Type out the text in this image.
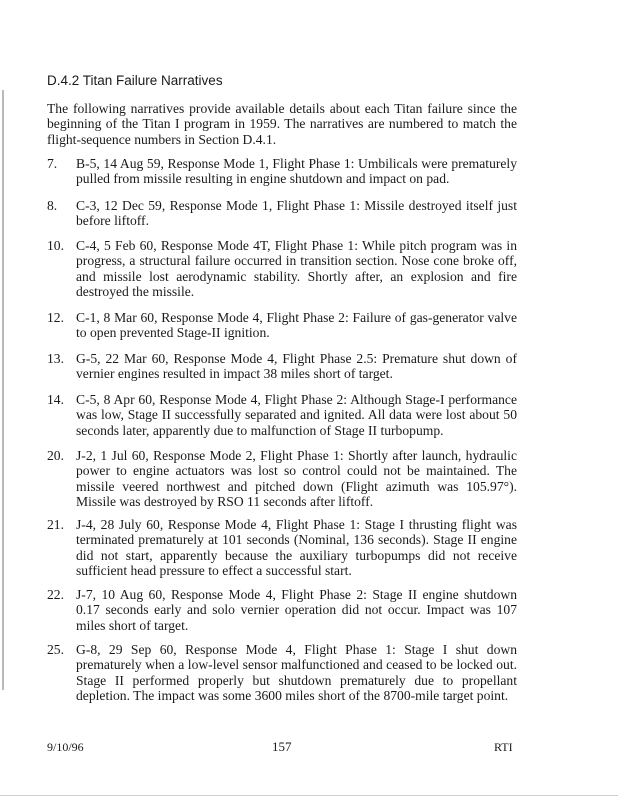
D.4.2 Titan Failure Narratives
The following narratives provide available details about each Titan failure since the beginning of the Titan I program in 1959. The narratives are numbered to match the flight-sequence numbers in Section D.4.1.
7. B-5, 14 Aug 59, Response Mode 1, Flight Phase 1: Umbilicals were prematurely pulled from missile resulting in engine shutdown and impact on pad.
8. C-3, 12 Dec 59, Response Mode 1, Flight Phase 1: Missile destroyed itself just before liftoff.
10. C-4, 5 Feb 60, Response Mode 4T, Flight Phase 1: While pitch program was in progress, a structural failure occurred in transition section. Nose cone broke off, and missile lost aerodynamic stability. Shortly after, an explosion and fire destroyed the missile.
12. C-1, 8 Mar 60, Response Mode 4, Flight Phase 2: Failure of gas-generator valve to open prevented Stage-II ignition.
13. G-5, 22 Mar 60, Response Mode 4, Flight Phase 2.5: Premature shut down of vernier engines resulted in impact 38 miles short of target.
14. C-5, 8 Apr 60, Response Mode 4, Flight Phase 2: Although Stage-I performance was low, Stage II successfully separated and ignited. All data were lost about 50 seconds later, apparently due to malfunction of Stage II turbopump.
20. J-2, 1 Jul 60, Response Mode 2, Flight Phase 1: Shortly after launch, hydraulic power to engine actuators was lost so control could not be maintained. The missile veered northwest and pitched down (Flight azimuth was 105.97°). Missile was destroyed by RSO 11 seconds after liftoff.
21. J-4, 28 July 60, Response Mode 4, Flight Phase 1: Stage I thrusting flight was terminated prematurely at 101 seconds (Nominal, 136 seconds). Stage II engine did not start, apparently because the auxiliary turbopumps did not receive sufficient head pressure to effect a successful start.
22. J-7, 10 Aug 60, Response Mode 4, Flight Phase 2: Stage II engine shutdown 0.17 seconds early and solo vernier operation did not occur. Impact was 107 miles short of target.
25. G-8, 29 Sep 60, Response Mode 4, Flight Phase 1: Stage I shut down prematurely when a low-level sensor malfunctioned and ceased to be locked out. Stage II performed properly but shutdown prematurely due to propellant depletion. The impact was some 3600 miles short of the 8700-mile target point.
9/10/96	157	RTI
